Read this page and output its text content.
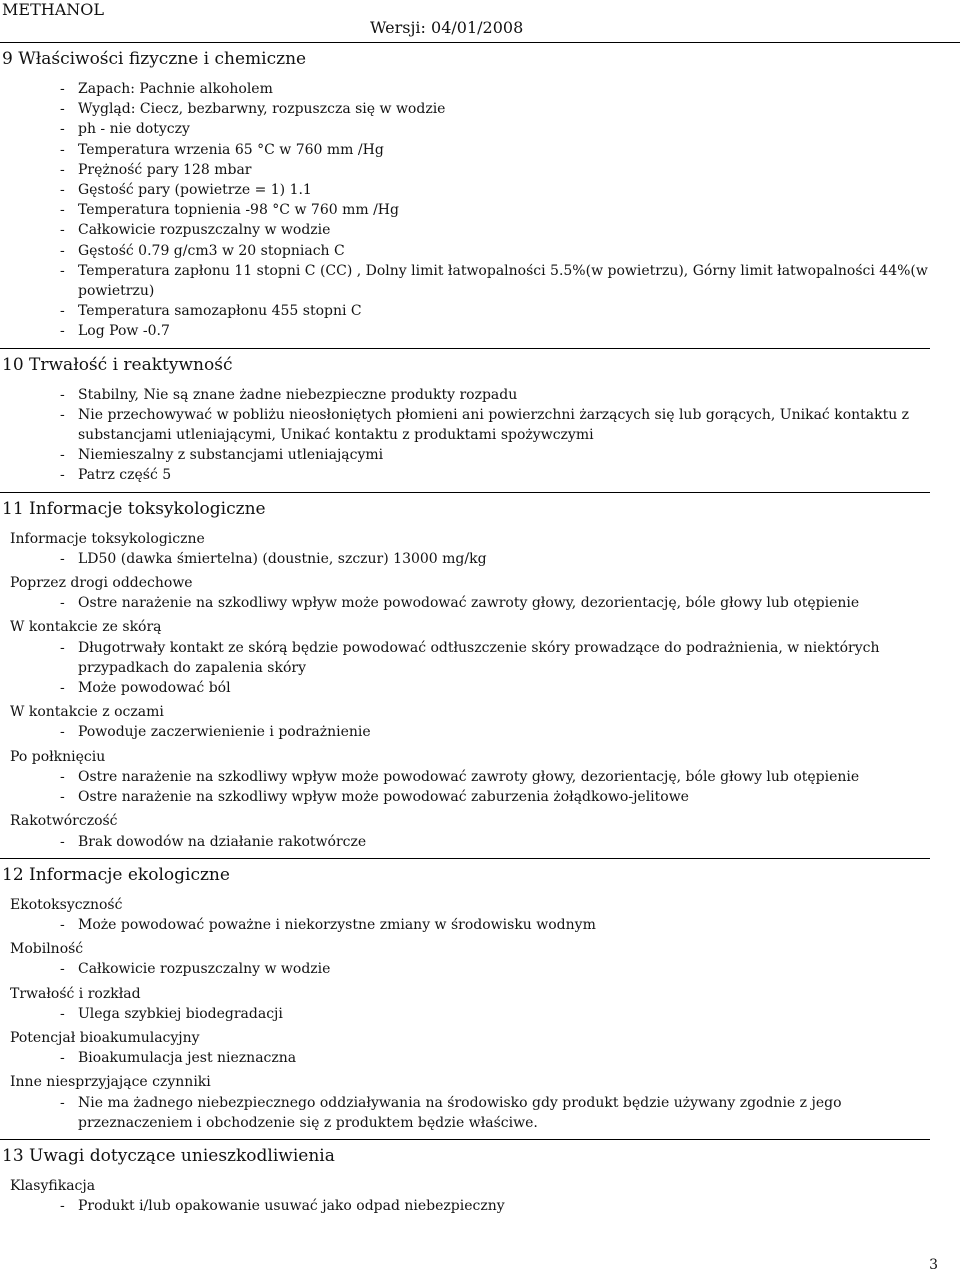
METHANOL
Wersji: 04/01/2008
9 Właściwości fizyczne i chemiczne
- Zapach: Pachnie alkoholem
- Wygląd: Ciecz, bezbarwny, rozpuszcza się w wodzie
- ph - nie dotyczy
- Temperatura wrzenia 65 °C w 760 mm /Hg
- Prężność pary 128 mbar
- Gęstość pary (powietrze = 1) 1.1
- Temperatura topnienia -98 °C w 760 mm /Hg
- Całkowicie rozpuszczalny w wodzie
- Gęstość 0.79 g/cm3 w 20 stopniach C
- Temperatura zapłonu 11 stopni C (CC) , Dolny limit łatwopalności 5.5%(w powietrzu), Górny limit łatwopalności 44%(w powietrzu)
- Temperatura samozapłonu 455 stopni C
- Log Pow -0.7
10 Trwałość i reaktywność
- Stabilny, Nie są znane żadne niebezpieczne produkty rozpadu
- Nie przechowywać w pobliżu nieosłoniętych płomieni ani powierzchni żarzących się lub gorących, Unikać kontaktu z substancjami utleniającymi, Unikać kontaktu z produktami spożywczymi
- Niemieszalny z substancjami utleniającymi
- Patrz część 5
11 Informacje toksykologiczne
Informacje toksykologiczne
- LD50 (dawka śmiertelna) (doustnie, szczur) 13000 mg/kg
Poprzez drogi oddechowe
- Ostre narażenie na szkodliwy wpływ może powodować zawroty głowy, dezorientację, bóle głowy lub otępienie
W kontakcie ze skórą
- Długotrwały kontakt ze skórą będzie powodować odtłuszczenie skóry prowadzące do podrażnienia, w niektórych przypadkach do zapalenia skóry
- Może powodować ból
W kontakcie z oczami
- Powoduje zaczerwienienie i podrażnienie
Po połknięciu
- Ostre narażenie na szkodliwy wpływ może powodować zawroty głowy, dezorientację, bóle głowy lub otępienie
- Ostre narażenie na szkodliwy wpływ może powodować zaburzenia żołądkowo-jelitowe
Rakotwórczość
- Brak dowodów na działanie rakotwórcze
12 Informacje ekologiczne
Ekotoksyczność
- Może powodować poważne i niekorzystne zmiany w środowisku wodnym
Mobilność
- Całkowicie rozpuszczalny w wodzie
Trwałość i rozkład
- Ulega szybkiej biodegradacji
Potencjał bioakumulacyjny
- Bioakumulacja jest nieznaczna
Inne niesprzyjające czynniki
- Nie ma żadnego niebezpiecznego oddziaływania na środowisko gdy produkt będzie używany zgodnie z jego przeznaczeniem i obchodzenie się z produktem będzie właściwe.
13 Uwagi dotyczące unieszkodliwienia
Klasyfikacja
- Produkt i/lub opakowanie usuwać jako odpad niebezpieczny
3
